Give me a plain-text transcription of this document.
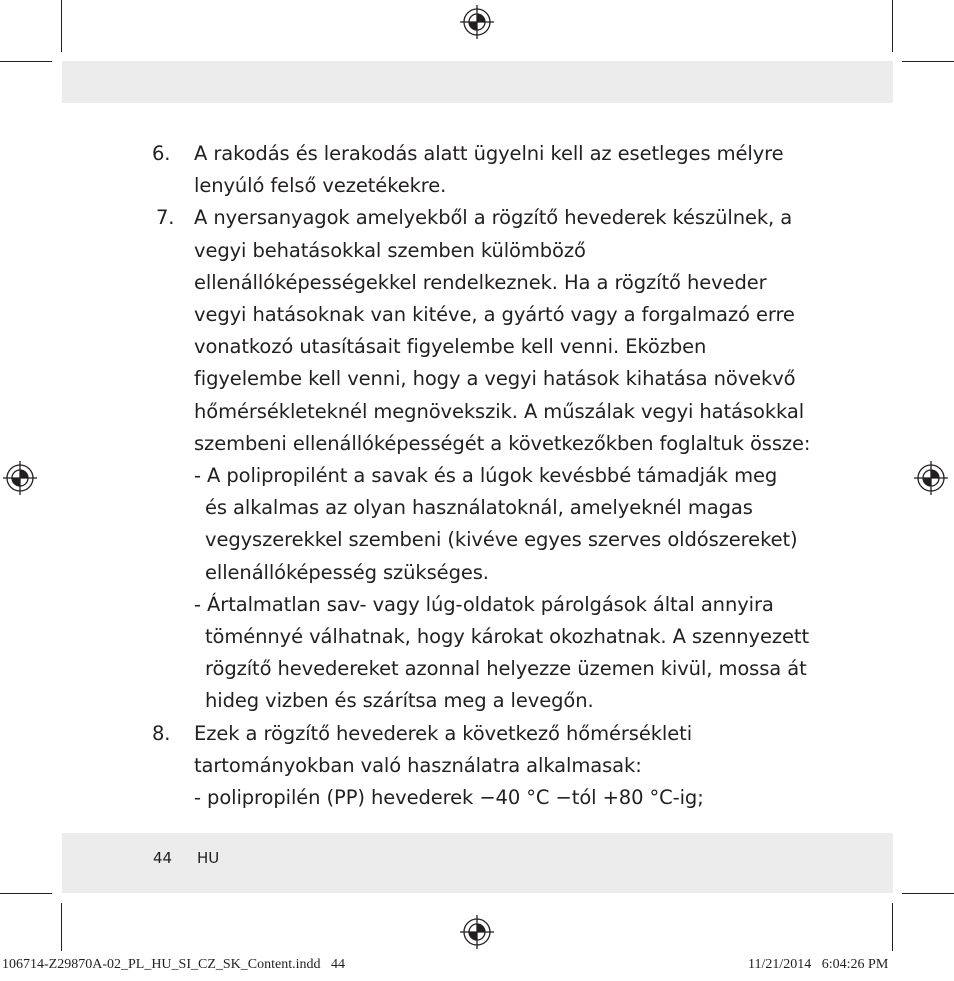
6.	A rakodás és lerakodás alatt ügyelni kell az esetleges mélyre
lenyúló felső vezetékekre.
7.	A nyersanyagok amelyekből a rögzítő hevederek készülnek, a
vegyi behatásokkal szemben külömböző
ellenállóképességekkel rendelkeznek. Ha a rögzítő heveder
vegyi hatásoknak van kitéve, a gyártó vagy a forgalmazó erre
vonatkozó utasításait figyelembe kell venni. Eközben
figyelembe kell venni, hogy a vegyi hatások kihatása növekvő
hőmérsékleteknél megnövekszik. A műszálak vegyi hatásokkal
szembeni ellenállóképességét a következőkben foglaltuk össze:
- A polipropilént a savak és a lúgok kevésbbé támadják meg
és alkalmas az olyan használatoknál, amelyeknél magas
vegyszerekkel szembeni (kivéve egyes szerves oldószereket)
ellenállóképesség szükséges.
- Ártalmatlan sav- vagy lúg-oldatok párolgások által annyira
töménnyé válhatnak, hogy károkat okozhatnak. A szennyezett
rögzítő hevedereket azonnal helyezze üzemen kivül, mossa át
hideg vizben és szárítsa meg a levegőn.
8.	Ezek a rögzítő hevederek a következő hőmérsékleti
tartományokban való használatra alkalmasak:
- polipropilén (PP) hevederek −40 °C −tól +80 °C-ig;
44 HU
106714-Z29870A-02_PL_HU_SI_CZ_SK_Content.indd   44	11/21/2014   6:04:26 PM
